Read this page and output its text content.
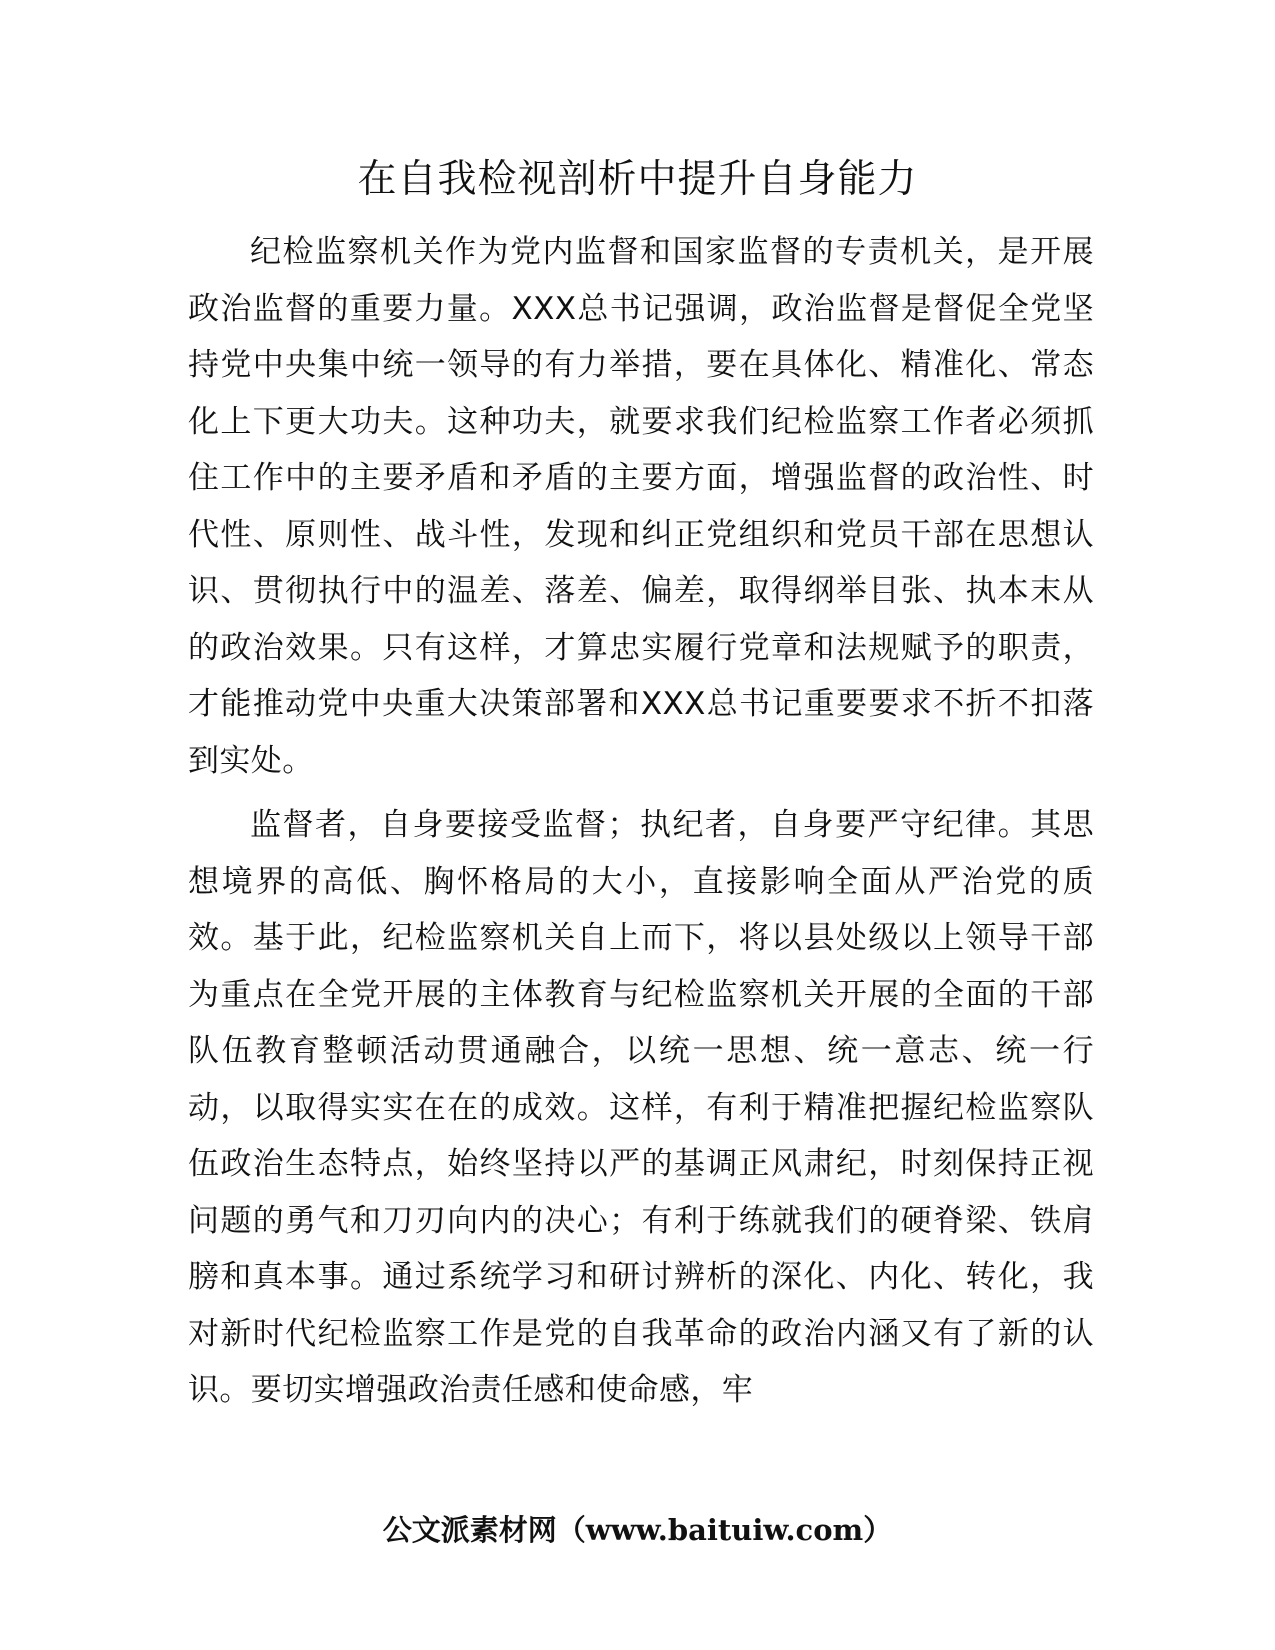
在自我检视剖析中提升自身能力

纪检监察机关作为党内监督和国家监督的专责机关，是开展政治监督的重要力量。XXX总书记强调，政治监督是督促全党坚持党中央集中统一领导的有力举措，要在具体化、精准化、常态化上下更大功夫。这种功夫，就要求我们纪检监察工作者必须抓住工作中的主要矛盾和矛盾的主要方面，增强监督的政治性、时代性、原则性、战斗性，发现和纠正党组织和党员干部在思想认识、贯彻执行中的温差、落差、偏差，取得纲举目张、执本末从的政治效果。只有这样，才算忠实履行党章和法规赋予的职责，才能推动党中央重大决策部署和XXX总书记重要要求不折不扣落到实处。

监督者，自身要接受监督；执纪者，自身要严守纪律。其思想境界的高低、胸怀格局的大小，直接影响全面从严治党的质效。基于此，纪检监察机关自上而下，将以县处级以上领导干部为重点在全党开展的主体教育与纪检监察机关开展的全面的干部队伍教育整顿活动贯通融合，以统一思想、统一意志、统一行动，以取得实实在在的成效。这样，有利于精准把握纪检监察队伍政治生态特点，始终坚持以严的基调正风肃纪，时刻保持正视问题的勇气和刀刃向内的决心；有利于练就我们的硬脊梁、铁肩膀和真本事。通过系统学习和研讨辨析的深化、内化、转化，我对新时代纪检监察工作是党的自我革命的政治内涵又有了新的认识。要切实增强政治责任感和使命感，牢

公文派素材网（www.baituiw.com）
